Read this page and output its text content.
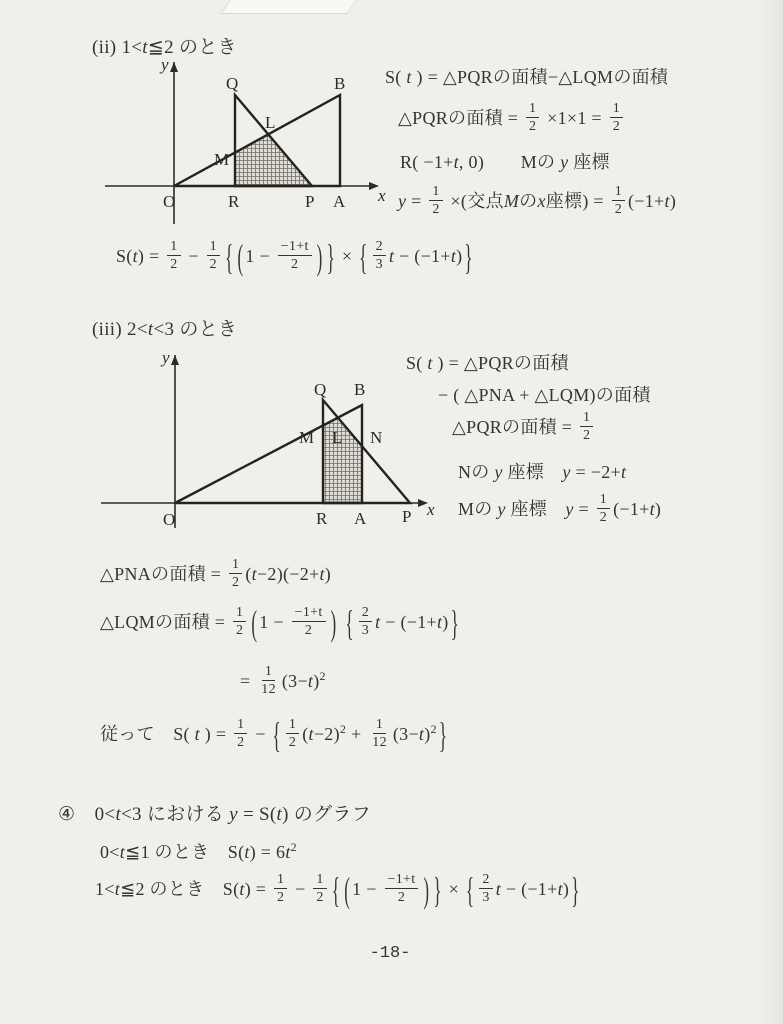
(ii) 1<t≦2 のとき
y
x
O
Q	B
L
M
R	P A
S( t ) = △PQRの面積−△LQMの面積
△PQRの面積 = $\frac{1}{2} \times 1\times 1 = \frac{1}{2}$
R( −1+t, 0)　　Mの y 座標
$y = \frac{1}{2}$ ×(交点Mのx座標) = $\frac{1}{2} (-1+t)$
$S(t) = \frac{1}{2} - \frac{1}{2}$ { ( $1 - \frac{-1+t}{2}$ ) } × { $\frac{2}{3}$ t − (−1+t) }
(iii) 2<t<3 のとき
y
x
O
Q B
M L N
R A P
S( t ) = △PQRの面積
− ( △PNA + △LQM)の面積
△PQRの面積 = $\frac{1}{2}$
Nの y 座標　y = −2+t
Mの y 座標　$y = \frac{1}{2} (-1+t)$
△PNAの面積 = $\frac{1}{2} (t-2)(-2+t)$
△LQMの面積 = $\frac{1}{2}$ ( $1 - \frac{-1+t}{2}$ ) { $\frac{2}{3}$ t − (−1+t) }
= $\frac{1}{12} (3-t)^2$
従って　S( t ) = $\frac{1}{2}$ − { $\frac{1}{2} (t-2)^2 + \frac{1}{12} (3-t)^2$ }
④　0<t<3 における y = S(t) のグラフ
0<t≦1 のとき　$S(t) = 6t^2$
1<t≦2 のとき　$S(t) = \frac{1}{2} - \frac{1}{2}$ { ( $1 - \frac{-1+t}{2}$ ) } × { $\frac{2}{3}$ t − (−1+t) }
-18-
